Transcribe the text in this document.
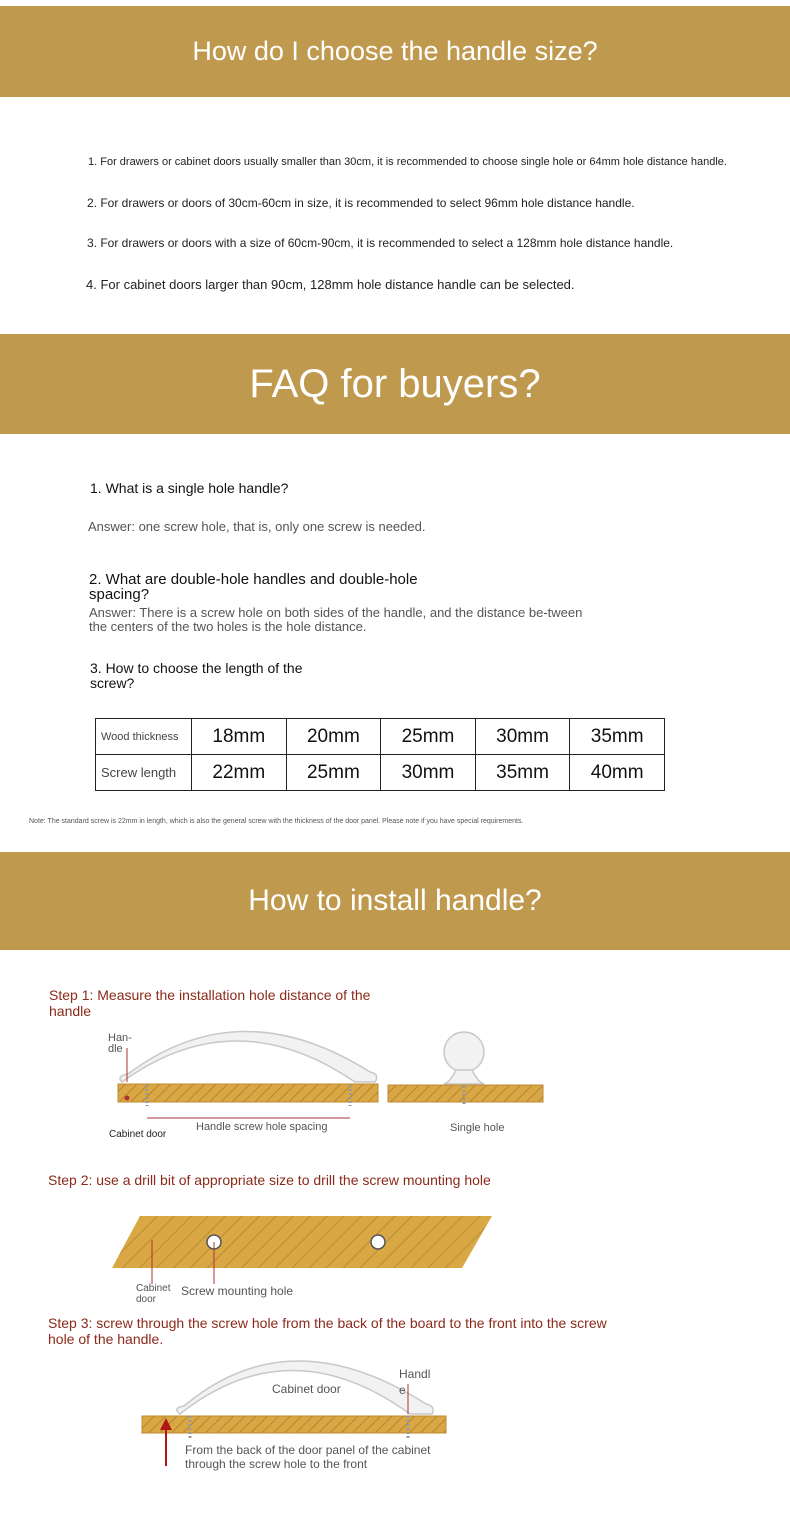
How do I choose the handle size?
1. For drawers or cabinet doors usually smaller than 30cm, it is recommended to choose single hole or 64mm hole distance handle.
2. For drawers or doors of 30cm-60cm in size, it is recommended to select 96mm hole distance handle.
3. For drawers or doors with a size of 60cm-90cm, it is recommended to select a 128mm hole distance handle.
4. For cabinet doors larger than 90cm, 128mm hole distance handle can be selected.
FAQ for buyers?
1. What is a single hole handle?
Answer: one screw hole, that is, only one screw is needed.
2. What are double-hole handles and double-hole spacing?
Answer: There is a screw hole on both sides of the handle, and the distance be-tween the centers of the two holes is the hole distance.
3. How to choose the length of the screw?
Wood thickness	18mm	20mm	25mm	30mm	35mm
Screw length	22mm	25mm	30mm	35mm	40mm
Note: The standard screw is 22mm in length, which is also the general screw with the thickness of the door panel. Please note if you have special requirements.
How to install handle?
Step 1: Measure the installation hole distance of the handle
Han-dle
Cabinet door
Handle screw hole spacing	Single hole
Step 2: use a drill bit of appropriate size to drill the screw mounting hole
Cabinet door
Screw mounting hole
Step 3: screw through the screw hole from the back of the board to the front into the screw hole of the handle.
Handl e
Cabinet door
From the back of the door panel of the cabinet through the screw hole to the front
